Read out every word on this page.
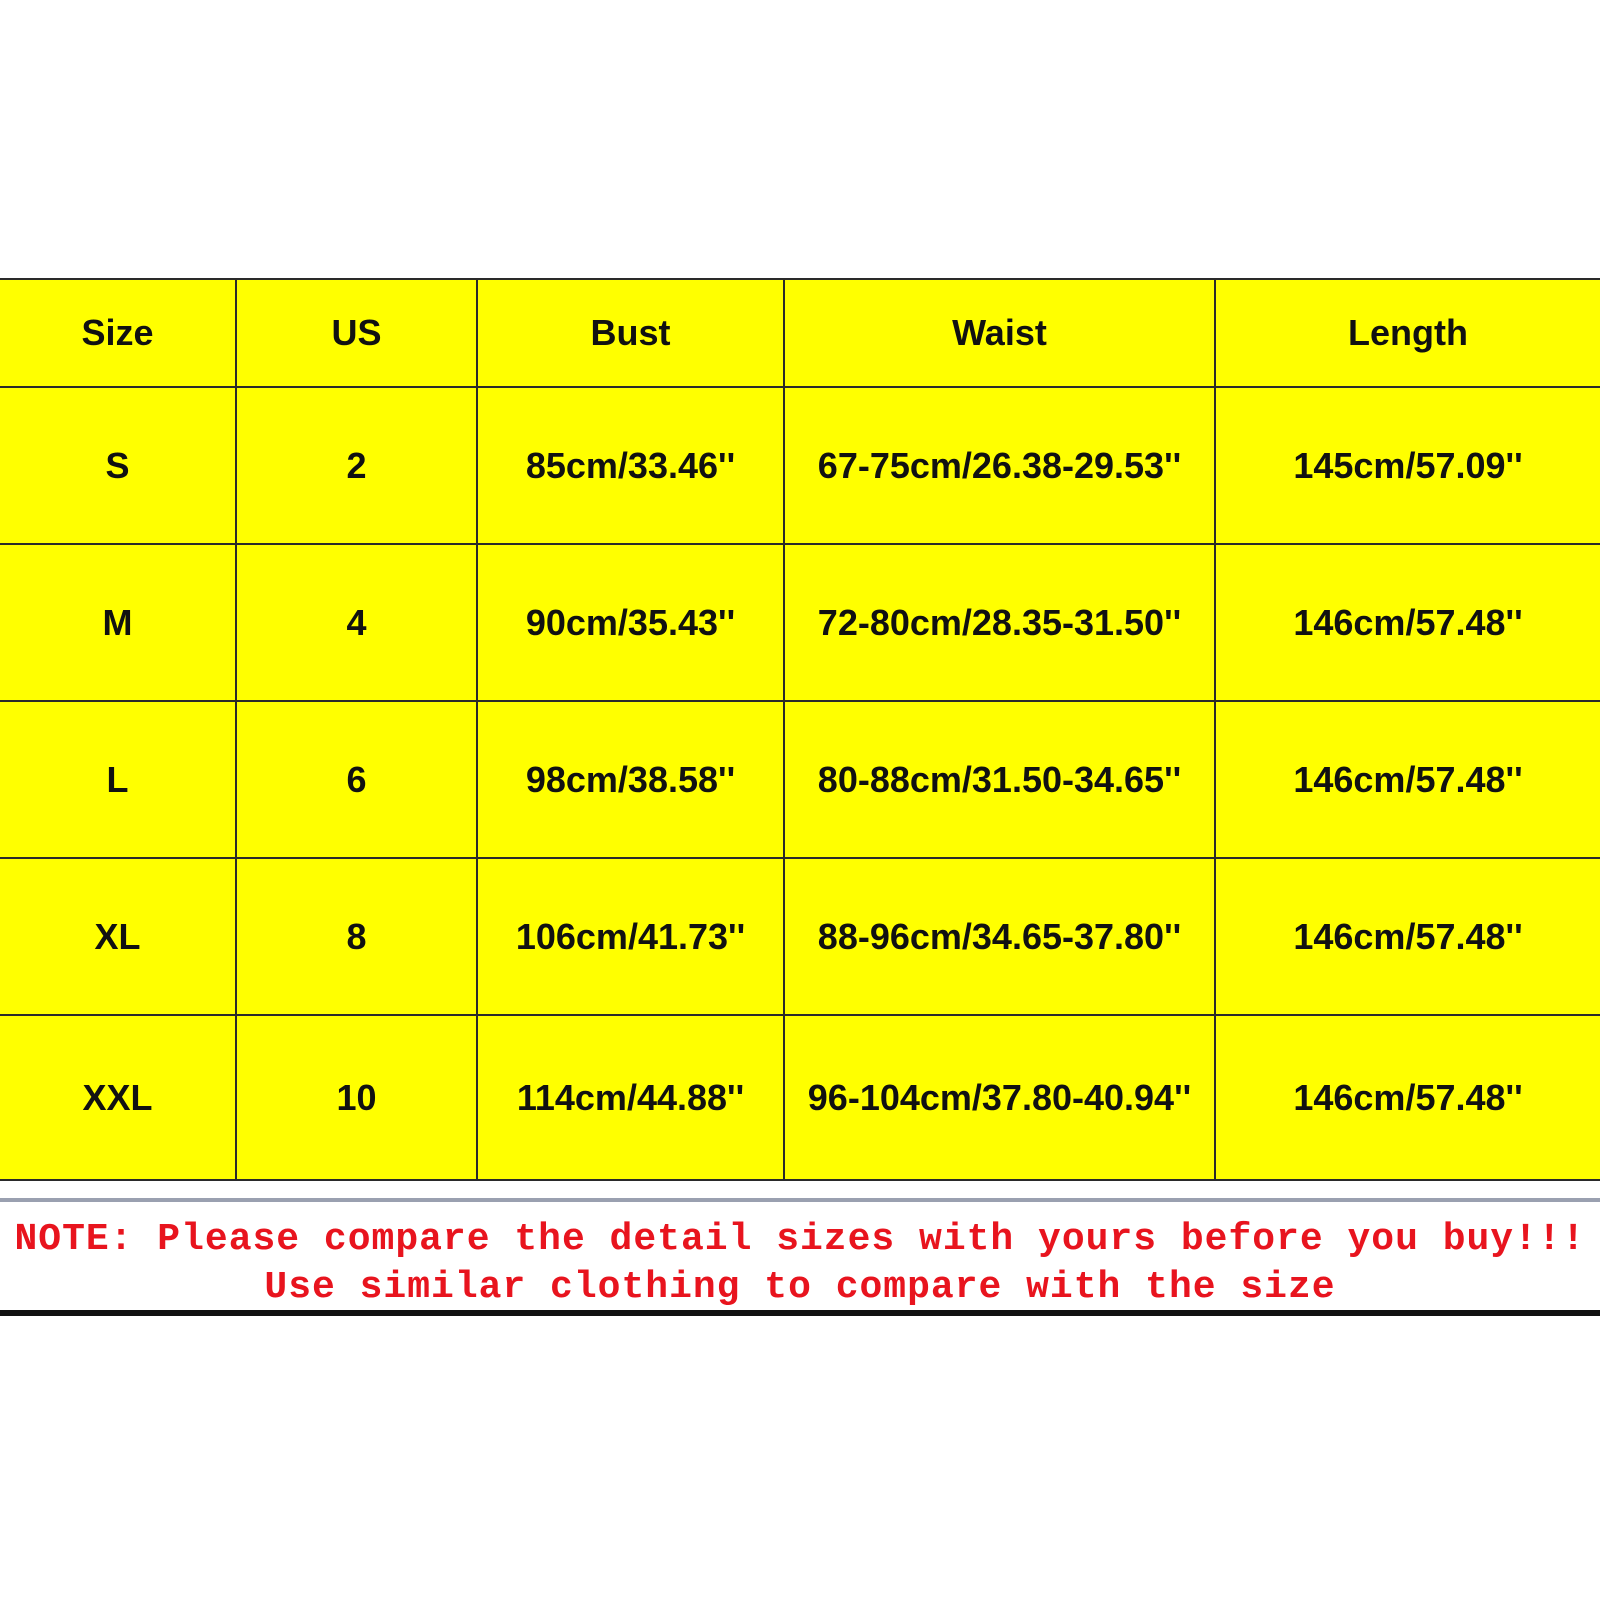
Size	US	Bust	Waist	Length
S	2	85cm/33.46''	67-75cm/26.38-29.53''	145cm/57.09''
M	4	90cm/35.43''	72-80cm/28.35-31.50''	146cm/57.48''
L	6	98cm/38.58''	80-88cm/31.50-34.65''	146cm/57.48''
XL	8	106cm/41.73''	88-96cm/34.65-37.80''	146cm/57.48''
XXL	10	114cm/44.88''	96-104cm/37.80-40.94''	146cm/57.48''
NOTE: Please compare the detail sizes with yours before you buy!!!
Use similar clothing to compare with the size
